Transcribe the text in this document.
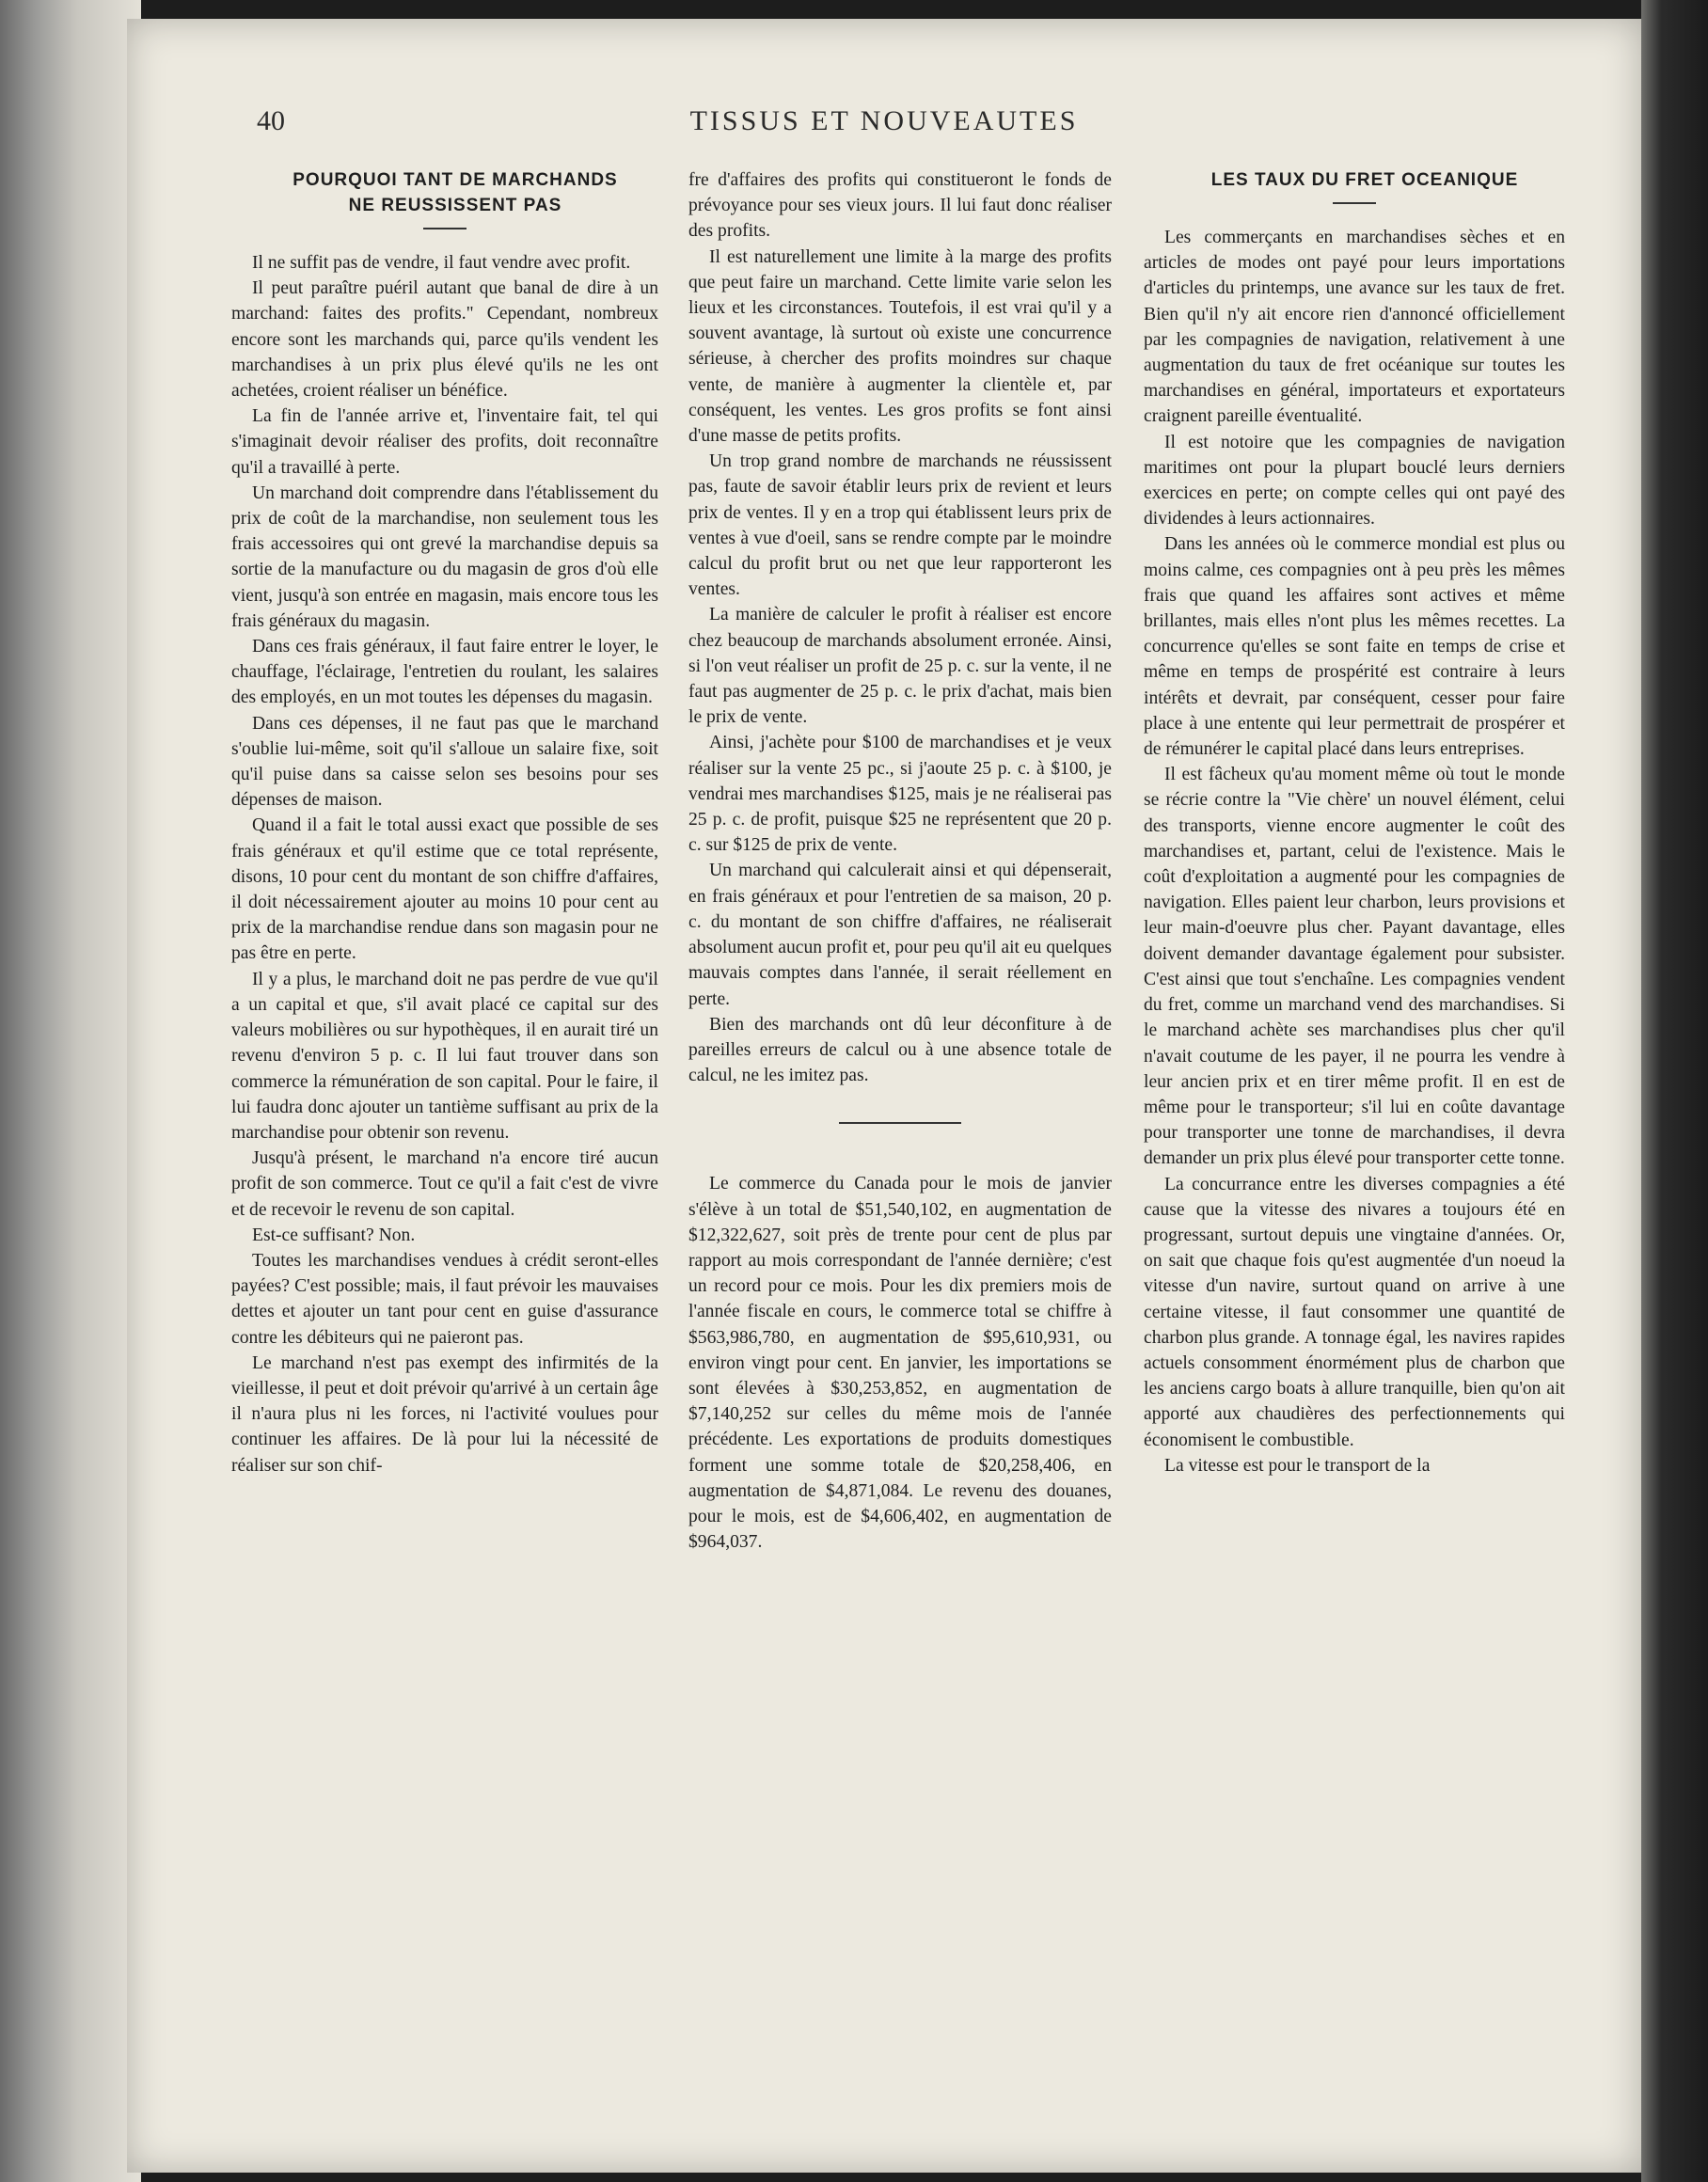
40	TISSUS ET NOUVEAUTES

POURQUOI TANT DE MARCHANDS

NE REUSSISSENT PAS

Il ne suffit pas de vendre, il faut vendre avec profit.

Il peut paraître puéril autant que banal de dire à un marchand: faites des profits." Cependant, nombreux encore sont les marchands qui, parce qu'ils vendent les marchandises à un prix plus élevé qu'ils ne les ont achetées, croient réaliser un bénéfice.

La fin de l'année arrive et, l'inventaire fait, tel qui s'imaginait devoir réaliser des profits, doit reconnaître qu'il a travaillé à perte.

Un marchand doit comprendre dans l'établissement du prix de coût de la marchandise, non seulement tous les frais accessoires qui ont grevé la marchandise depuis sa sortie de la manufacture ou du magasin de gros d'où elle vient, jusqu'à son entrée en magasin, mais encore tous les frais généraux du magasin.

Dans ces frais généraux, il faut faire entrer le loyer, le chauffage, l'éclairage, l'entretien du roulant, les salaires des employés, en un mot toutes les dépenses du magasin.

Dans ces dépenses, il ne faut pas que le marchand s'oublie lui-même, soit qu'il s'alloue un salaire fixe, soit qu'il puise dans sa caisse selon ses besoins pour ses dépenses de maison.

Quand il a fait le total aussi exact que possible de ses frais généraux et qu'il estime que ce total représente, disons, 10 pour cent du montant de son chiffre d'affaires, il doit nécessairement ajouter au moins 10 pour cent au prix de la marchandise rendue dans son magasin pour ne pas être en perte.

Il y a plus, le marchand doit ne pas perdre de vue qu'il a un capital et que, s'il avait placé ce capital sur des valeurs mobilières ou sur hypothèques, il en aurait tiré un revenu d'environ 5 p. c. Il lui faut trouver dans son commerce la rémunération de son capital. Pour le faire, il lui faudra donc ajouter un tantième suffisant au prix de la marchandise pour obtenir son revenu.

Jusqu'à présent, le marchand n'a encore tiré aucun profit de son commerce. Tout ce qu'il a fait c'est de vivre et de recevoir le revenu de son capital.

Est-ce suffisant? Non.

Toutes les marchandises vendues à crédit seront-elles payées? C'est possible; mais, il faut prévoir les mauvaises dettes et ajouter un tant pour cent en guise d'assurance contre les débiteurs qui ne paieront pas.

Le marchand n'est pas exempt des infirmités de la vieillesse, il peut et doit prévoir qu'arrivé à un certain âge il n'aura plus ni les forces, ni l'activité voulues pour continuer les affaires. De là pour lui la nécessité de réaliser sur son chif-

fre d'affaires des profits qui constitueront le fonds de prévoyance pour ses vieux jours. Il lui faut donc réaliser des profits.

Il est naturellement une limite à la marge des profits que peut faire un marchand. Cette limite varie selon les lieux et les circonstances. Toutefois, il est vrai qu'il y a souvent avantage, là surtout où existe une concurrence sérieuse, à chercher des profits moindres sur chaque vente, de manière à augmenter la clientèle et, par conséquent, les ventes. Les gros profits se font ainsi d'une masse de petits profits.

Un trop grand nombre de marchands ne réussissent pas, faute de savoir établir leurs prix de revient et leurs prix de ventes. Il y en a trop qui établissent leurs prix de ventes à vue d'oeil, sans se rendre compte par le moindre calcul du profit brut ou net que leur rapporteront les ventes.

La manière de calculer le profit à réaliser est encore chez beaucoup de marchands absolument erronée. Ainsi, si l'on veut réaliser un profit de 25 p. c. sur la vente, il ne faut pas augmenter de 25 p. c. le prix d'achat, mais bien le prix de vente.

Ainsi, j'achète pour $100 de marchandises et je veux réaliser sur la vente 25 pc., si j'aoute 25 p. c. à $100, je vendrai mes marchandises $125, mais je ne réaliserai pas 25 p. c. de profit, puisque $25 ne représentent que 20 p. c. sur $125 de prix de vente.

Un marchand qui calculerait ainsi et qui dépenserait, en frais généraux et pour l'entretien de sa maison, 20 p. c. du montant de son chiffre d'affaires, ne réaliserait absolument aucun profit et, pour peu qu'il ait eu quelques mauvais comptes dans l'année, il serait réellement en perte.

Bien des marchands ont dû leur déconfiture à de pareilles erreurs de calcul ou à une absence totale de calcul, ne les imitez pas.

Le commerce du Canada pour le mois de janvier s'élève à un total de $51,540,102, en augmentation de $12,322,627, soit près de trente pour cent de plus par rapport au mois correspondant de l'année dernière; c'est un record pour ce mois. Pour les dix premiers mois de l'année fiscale en cours, le commerce total se chiffre à $563,986,780, en augmentation de $95,610,931, ou environ vingt pour cent. En janvier, les importations se sont élevées à $30,253,852, en augmentation de $7,140,252 sur celles du même mois de l'année précédente. Les exportations de produits domestiques forment une somme totale de $20,258,406, en augmentation de $4,871,084. Le revenu des douanes, pour le mois, est de $4,606,402, en augmentation de $964,037.

LES TAUX DU FRET OCEANIQUE

Les commerçants en marchandises sèches et en articles de modes ont payé pour leurs importations d'articles du printemps, une avance sur les taux de fret. Bien qu'il n'y ait encore rien d'annoncé officiellement par les compagnies de navigation, relativement à une augmentation du taux de fret océanique sur toutes les marchandises en général, importateurs et exportateurs craignent pareille éventualité.

Il est notoire que les compagnies de navigation maritimes ont pour la plupart bouclé leurs derniers exercices en perte; on compte celles qui ont payé des dividendes à leurs actionnaires.

Dans les années où le commerce mondial est plus ou moins calme, ces compagnies ont à peu près les mêmes frais que quand les affaires sont actives et même brillantes, mais elles n'ont plus les mêmes recettes. La concurrence qu'elles se sont faite en temps de crise et même en temps de prospérité est contraire à leurs intérêts et devrait, par conséquent, cesser pour faire place à une entente qui leur permettrait de prospérer et de rémunérer le capital placé dans leurs entreprises.

Il est fâcheux qu'au moment même où tout le monde se récrie contre la "Vie chère' un nouvel élément, celui des transports, vienne encore augmenter le coût des marchandises et, partant, celui de l'existence. Mais le coût d'exploitation a augmenté pour les compagnies de navigation. Elles paient leur charbon, leurs provisions et leur main-d'oeuvre plus cher. Payant davantage, elles doivent demander davantage également pour subsister. C'est ainsi que tout s'enchaîne. Les compagnies vendent du fret, comme un marchand vend des marchandises. Si le marchand achète ses marchandises plus cher qu'il n'avait coutume de les payer, il ne pourra les vendre à leur ancien prix et en tirer même profit. Il en est de même pour le transporteur; s'il lui en coûte davantage pour transporter une tonne de marchandises, il devra demander un prix plus élevé pour transporter cette tonne.

La concurrance entre les diverses compagnies a été cause que la vitesse des nivares a toujours été en progressant, surtout depuis une vingtaine d'années. Or, on sait que chaque fois qu'est augmentée d'un noeud la vitesse d'un navire, surtout quand on arrive à une certaine vitesse, il faut consommer une quantité de charbon plus grande. A tonnage égal, les navires rapides actuels consomment énormément plus de charbon que les anciens cargo boats à allure tranquille, bien qu'on ait apporté aux chaudières des perfectionnements qui économisent le combustible.

La vitesse est pour le transport de la
